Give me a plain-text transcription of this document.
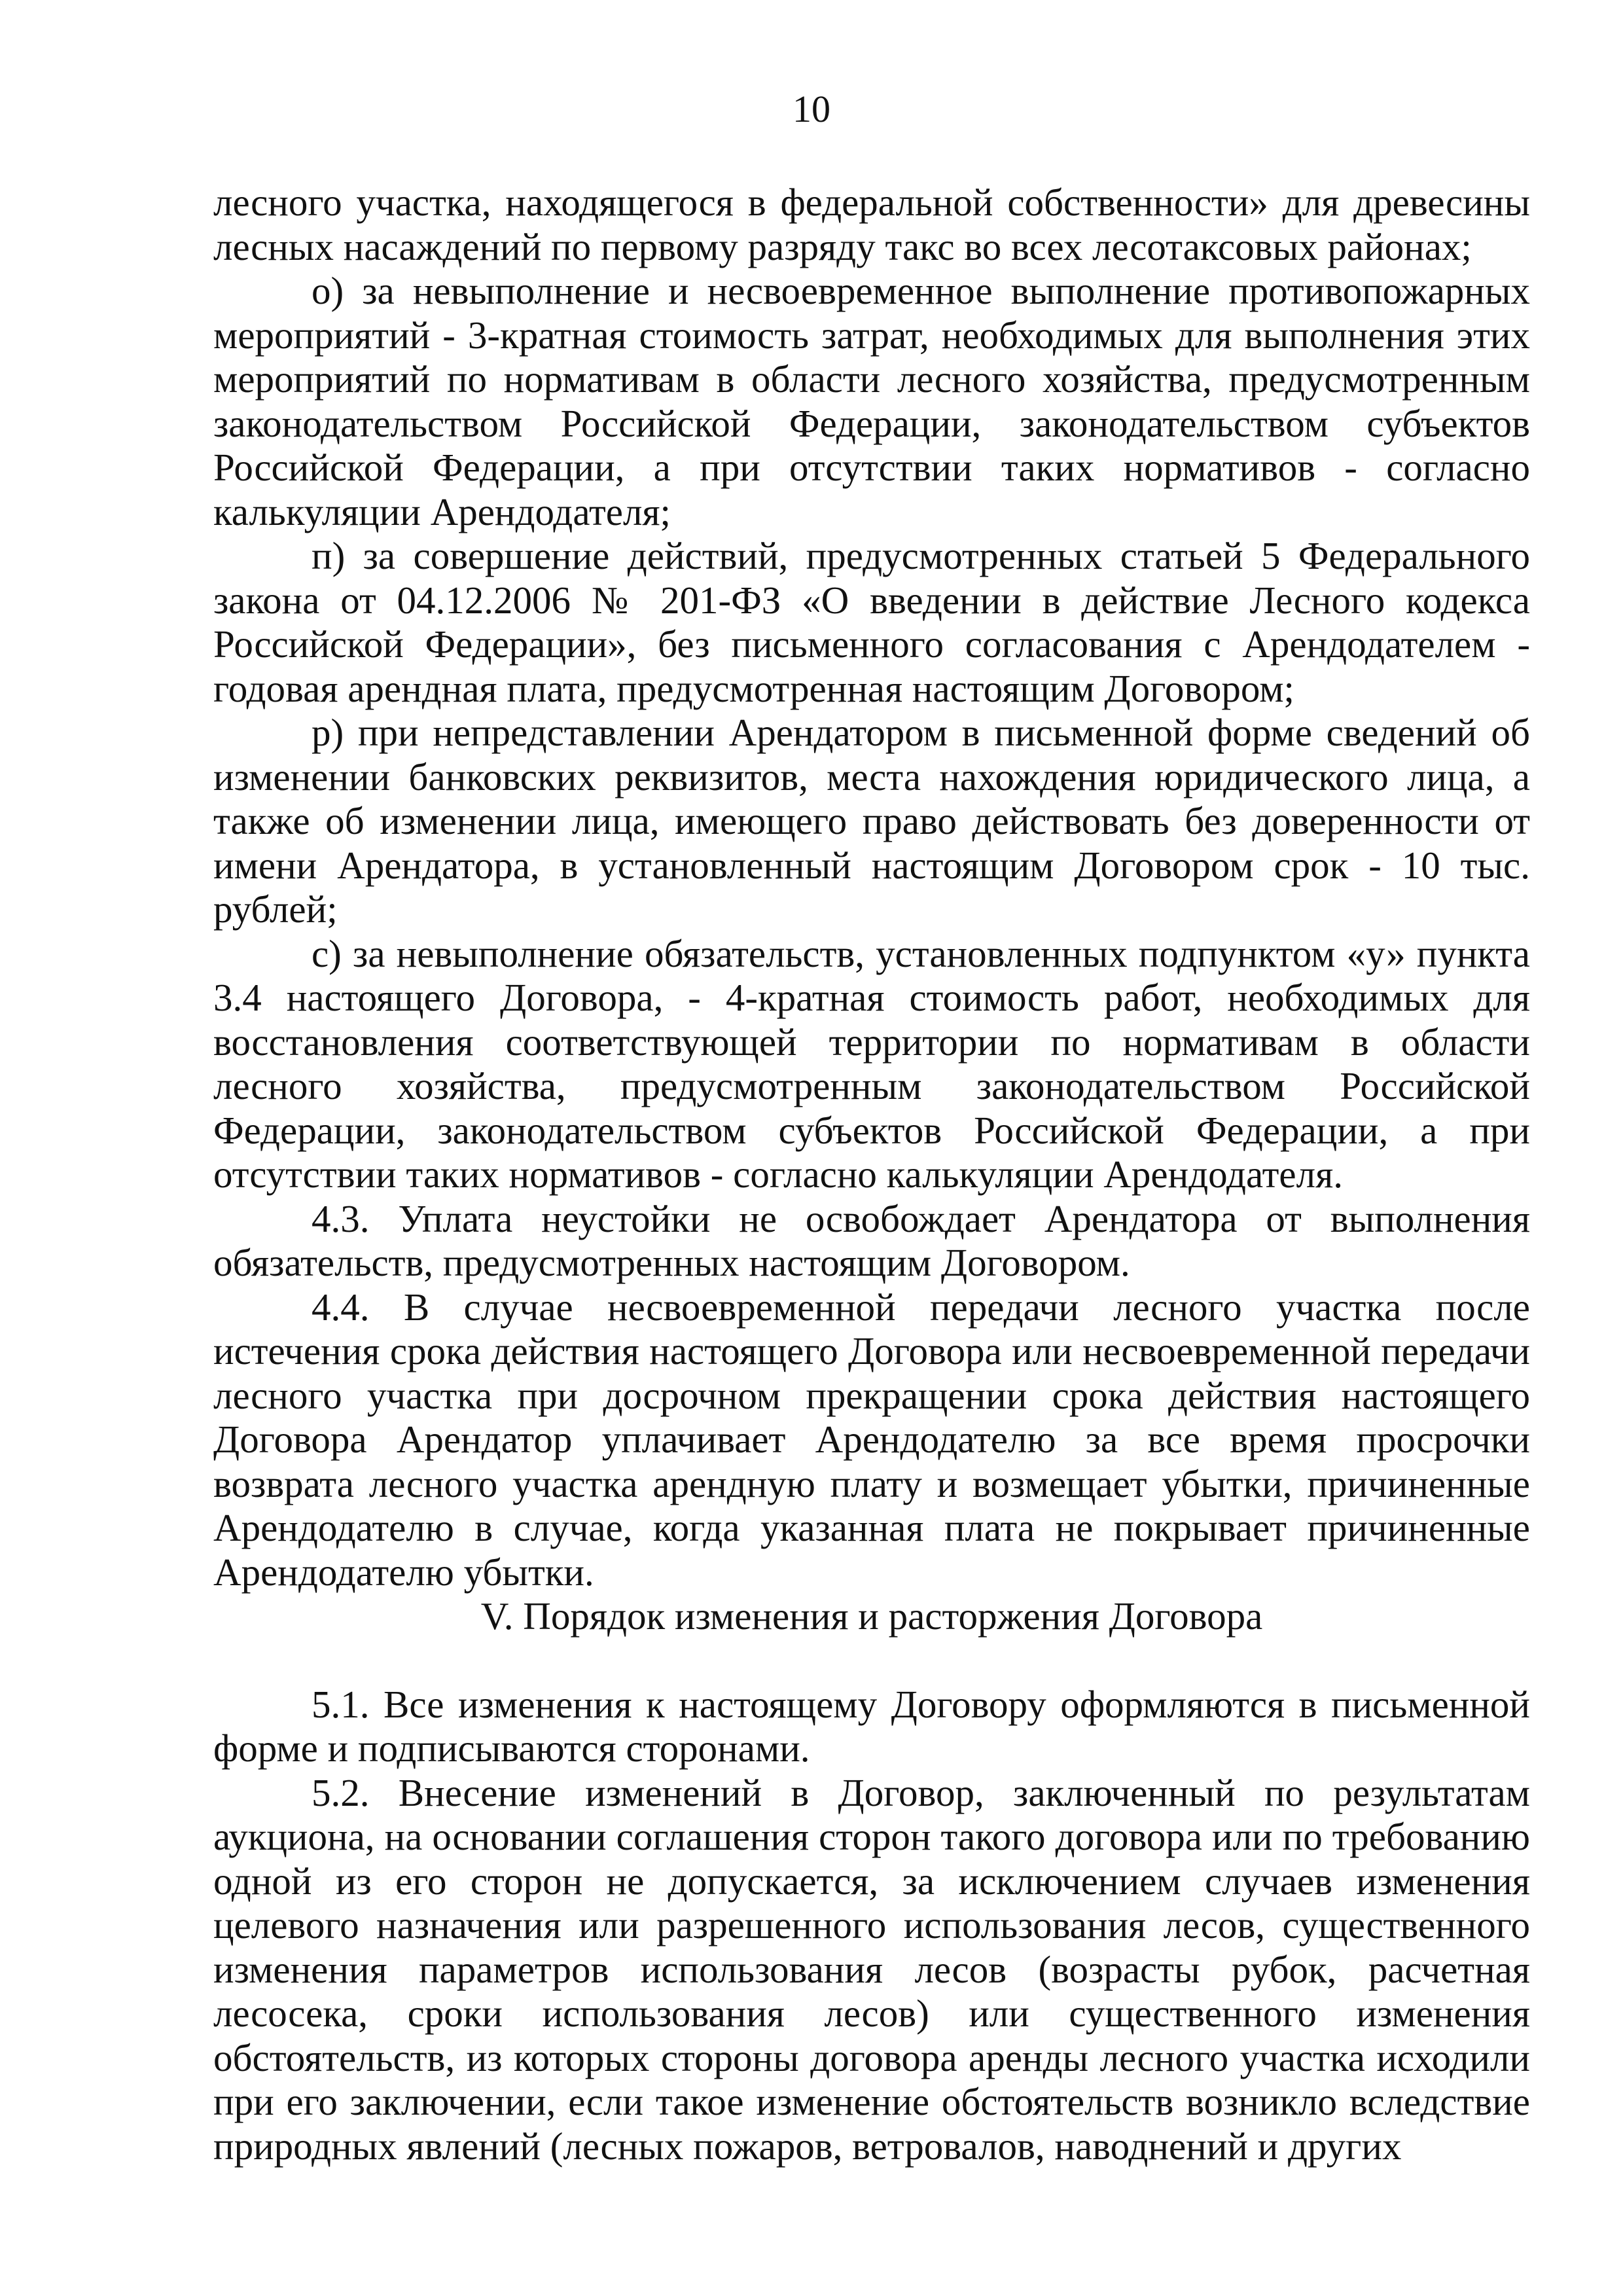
10

лесного участка, находящегося в федеральной собственности» для древесины лесных насаждений по первому разряду такс во всех лесотаксовых районах;

о) за невыполнение и несвоевременное выполнение противопожарных мероприятий - 3-кратная стоимость затрат, необходимых для выполнения этих мероприятий по нормативам в области лесного хозяйства, предусмотренным законодательством Российской Федерации, законодательством субъектов Российской Федерации, а при отсутствии таких нормативов - согласно калькуляции Арендодателя;

п) за совершение действий, предусмотренных статьей 5 Федерального закона от 04.12.2006 № 201-ФЗ «О введении в действие Лесного кодекса Российской Федерации», без письменного согласования с Арендодателем - годовая арендная плата, предусмотренная настоящим Договором;

р) при непредставлении Арендатором в письменной форме сведений об изменении банковских реквизитов, места нахождения юридического лица, а также об изменении лица, имеющего право действовать без доверенности от имени Арендатора, в установленный настоящим Договором срок - 10 тыс. рублей;

с) за невыполнение обязательств, установленных подпунктом «у» пункта 3.4 настоящего Договора, - 4-кратная стоимость работ, необходимых для восстановления соответствующей территории по нормативам в области лесного хозяйства, предусмотренным законодательством Российской Федерации, законодательством субъектов Российской Федерации, а при отсутствии таких нормативов - согласно калькуляции Арендодателя.

4.3. Уплата неустойки не освобождает Арендатора от выполнения обязательств, предусмотренных настоящим Договором.

4.4. В случае несвоевременной передачи лесного участка после истечения срока действия настоящего Договора или несвоевременной передачи лесного участка при досрочном прекращении срока действия настоящего Договора Арендатор уплачивает Арендодателю за все время просрочки возврата лесного участка арендную плату и возмещает убытки, причиненные Арендодателю в случае, когда указанная плата не покрывает причиненные Арендодателю убытки.

V. Порядок изменения и расторжения Договора

5.1. Все изменения к настоящему Договору оформляются в письменной форме и подписываются сторонами.

5.2. Внесение изменений в Договор, заключенный по результатам аукциона, на основании соглашения сторон такого договора или по требованию одной из его сторон не допускается, за исключением случаев изменения целевого назначения или разрешенного использования лесов, существенного изменения параметров использования лесов (возрасты рубок, расчетная лесосека, сроки использования лесов) или существенного изменения обстоятельств, из которых стороны договора аренды лесного участка исходили при его заключении, если такое изменение обстоятельств возникло вследствие природных явлений (лесных пожаров, ветровалов, наводнений и других
